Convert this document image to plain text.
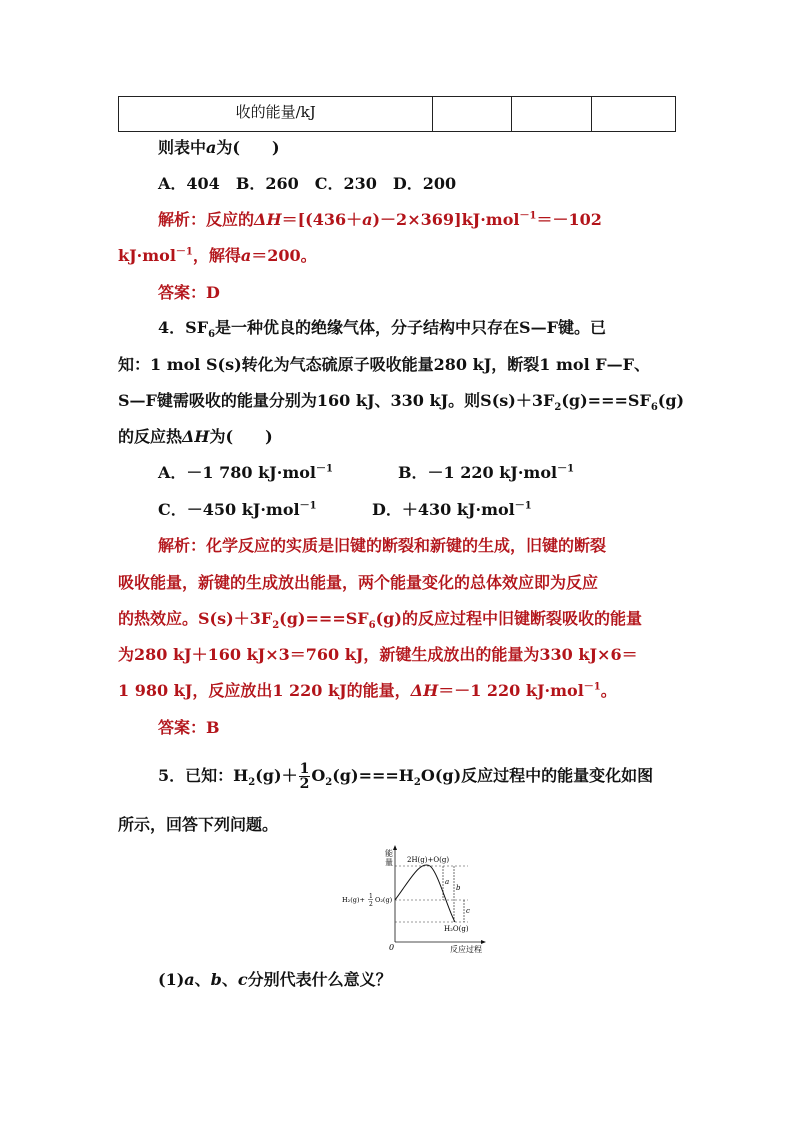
收的能量/kJ			
则表中a为(　　)
A．404　B．260　C．230　D．200
解析：反应的ΔH＝[(436＋a)－2×369]kJ·mol$^{-1}$＝－102
kJ·mol$^{-1}$，解得a＝200。
答案：D
4．$SF_6$是一种优良的绝缘气体，分子结构中只存在S—F键。已
知：1 mol S(s)转化为气态硫原子吸收能量280 kJ，断裂1 mol F—F、
S—F键需吸收的能量分别为160 kJ、330 kJ。则$S(s)+3F_2(g)===SF_6(g)$
的反应热ΔH为(　　)
A．－1 780 kJ·mol$^{-1}$	B．－1 220 kJ·mol$^{-1}$
C．－450 kJ·mol$^{-1}$	D．＋430 kJ·mol$^{-1}$
解析：化学反应的实质是旧键的断裂和新键的生成，旧键的断裂
吸收能量，新键的生成放出能量，两个能量变化的总体效应即为反应
的热效应。$S(s)+3F_2(g)===SF_6(g)$的反应过程中旧键断裂吸收的能量
为280 kJ＋160 kJ×3＝760 kJ，新键生成放出的能量为330 kJ×6＝
1 980 kJ，反应放出1 220 kJ的能量，ΔH＝－1 220 kJ·mol$^{-1}$。
答案：B
5．已知：$H_2(g)+ \frac{1}{2} O_2(g)===H_2O(g)$反应过程中的能量变化如图
所示，回答下列问题。
能
量 2H(g)+O(g)
H₂(g)+ 1
2
O₂(g)
H₂O(g)
0	反应过程
a
b
c
(1)a、b、c分别代表什么意义？
